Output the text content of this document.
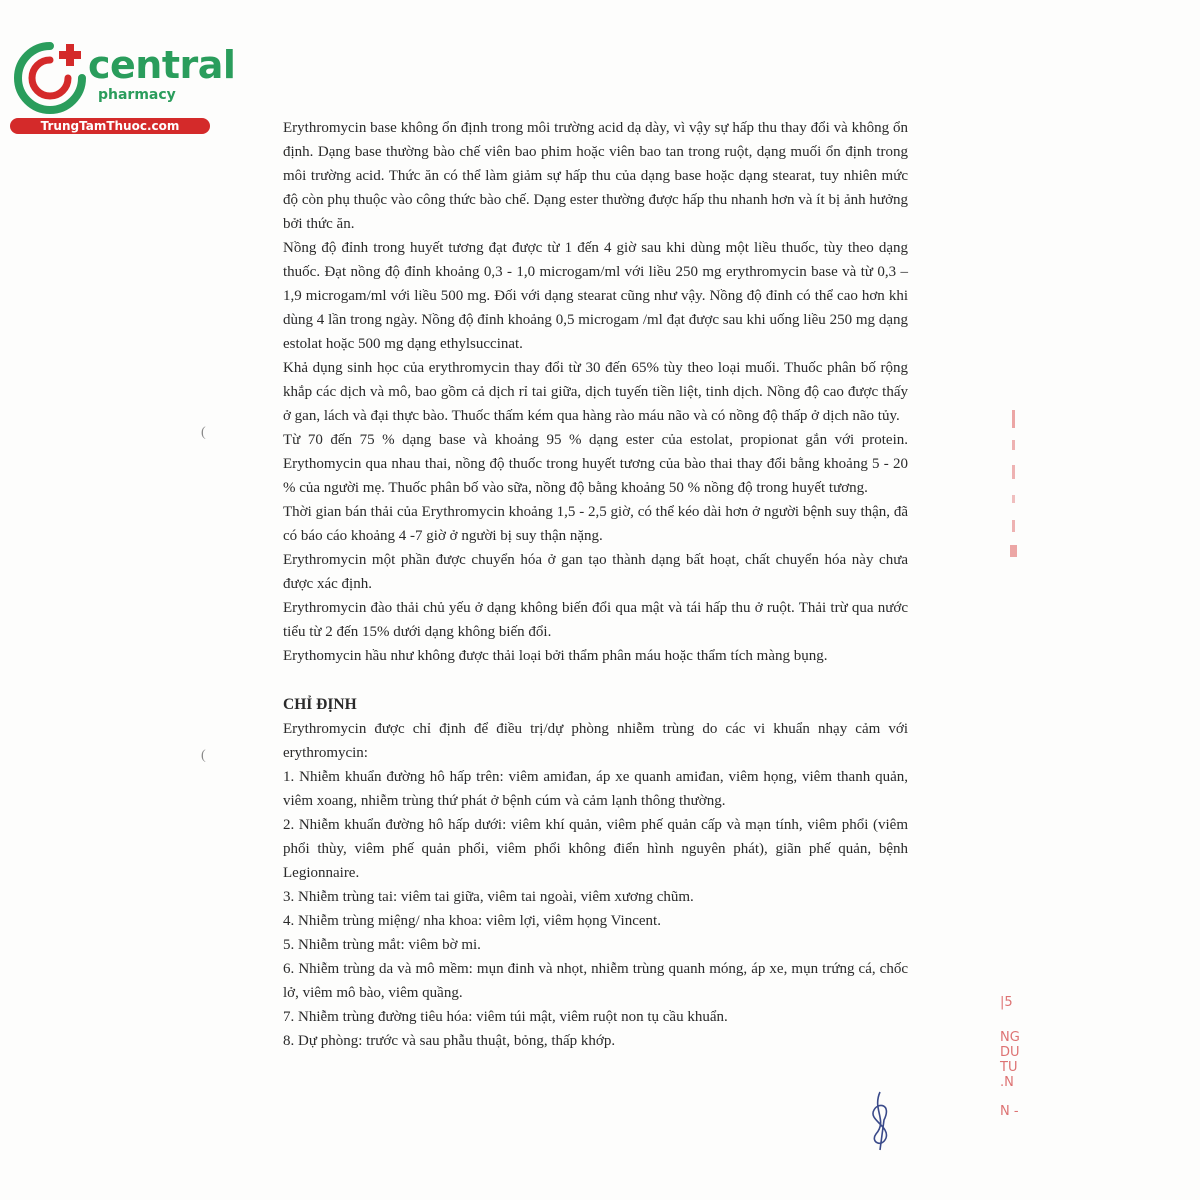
central
pharmacy
TrungTamThuoc.com	Erythromycin base không ổn định trong môi trường acid dạ dày, vì vậy sự hấp thu thay đổi và không ổn định. Dạng base thường bào chế viên bao phim hoặc viên bao tan trong ruột, dạng muối ổn định trong môi trường acid. Thức ăn có thể làm giảm sự hấp thu của dạng base hoặc dạng stearat, tuy nhiên mức độ còn phụ thuộc vào công thức bào chế. Dạng ester thường được hấp thu nhanh hơn và ít bị ảnh hưởng bởi thức ăn.

Nồng độ đỉnh trong huyết tương đạt được từ 1 đến 4 giờ sau khi dùng một liều thuốc, tùy theo dạng thuốc. Đạt nồng độ đỉnh khoảng 0,3 - 1,0 microgam/ml với liều 250 mg erythromycin base và từ 0,3 – 1,9 microgam/ml với liều 500 mg. Đối với dạng stearat cũng như vậy. Nồng độ đỉnh có thể cao hơn khi dùng 4 lần trong ngày. Nồng độ đỉnh khoảng 0,5 microgam /ml đạt được sau khi uống liều 250 mg dạng estolat hoặc 500 mg dạng ethylsuccinat.

Khả dụng sinh học của erythromycin thay đổi từ 30 đến 65% tùy theo loại muối. Thuốc phân bố rộng khắp các dịch và mô, bao gồm cả dịch rỉ tai giữa, dịch tuyến tiền liệt, tinh dịch. Nồng độ cao được thấy ở gan, lách và đại thực bào. Thuốc thấm kém qua hàng rào máu não và có nồng độ thấp ở dịch não tủy.

Từ 70 đến 75 % dạng base và khoảng 95 % dạng ester của estolat, propionat gắn với protein. Erythomycin qua nhau thai, nồng độ thuốc trong huyết tương của bào thai thay đổi bằng khoảng 5 - 20 % của người mẹ. Thuốc phân bố vào sữa, nồng độ bằng khoảng 50 % nồng độ trong huyết tương.

Thời gian bán thải của Erythromycin khoảng 1,5 - 2,5 giờ, có thể kéo dài hơn ở người bệnh suy thận, đã có báo cáo khoảng 4 -7 giờ ở người bị suy thận nặng.

Erythromycin một phần được chuyển hóa ở gan tạo thành dạng bất hoạt, chất chuyển hóa này chưa được xác định.

Erythromycin đào thải chủ yếu ở dạng không biến đổi qua mật và tái hấp thu ở ruột. Thải trừ qua nước tiểu từ 2 đến 15% dưới dạng không biến đổi.

Erythomycin hầu như không được thải loại bởi thẩm phân máu hoặc thẩm tích màng bụng.

CHỈ ĐỊNH

Erythromycin được chỉ định để điều trị/dự phòng nhiễm trùng do các vi khuẩn nhạy cảm với erythromycin:

1. Nhiễm khuẩn đường hô hấp trên: viêm amiđan, áp xe quanh amiđan, viêm họng, viêm thanh quản, viêm xoang, nhiễm trùng thứ phát ở bệnh cúm và cảm lạnh thông thường.

2. Nhiễm khuẩn đường hô hấp dưới: viêm khí quản, viêm phế quản cấp và mạn tính, viêm phổi (viêm phổi thùy, viêm phế quản phổi, viêm phổi không điển hình nguyên phát), giãn phế quản, bệnh Legionnaire.

3. Nhiễm trùng tai: viêm tai giữa, viêm tai ngoài, viêm xương chũm.

4. Nhiễm trùng miệng/ nha khoa: viêm lợi, viêm họng Vincent.

5. Nhiễm trùng mắt: viêm bờ mi.

6. Nhiễm trùng da và mô mềm: mụn đinh và nhọt, nhiễm trùng quanh móng, áp xe, mụn trứng cá, chốc lở, viêm mô bào, viêm quầng.

7. Nhiễm trùng đường tiêu hóa: viêm túi mật, viêm ruột non tụ cầu khuẩn.

8. Dự phòng: trước và sau phẫu thuật, bỏng, thấp khớp.

(
(
|5
NG
DU
TU
.N
N -
